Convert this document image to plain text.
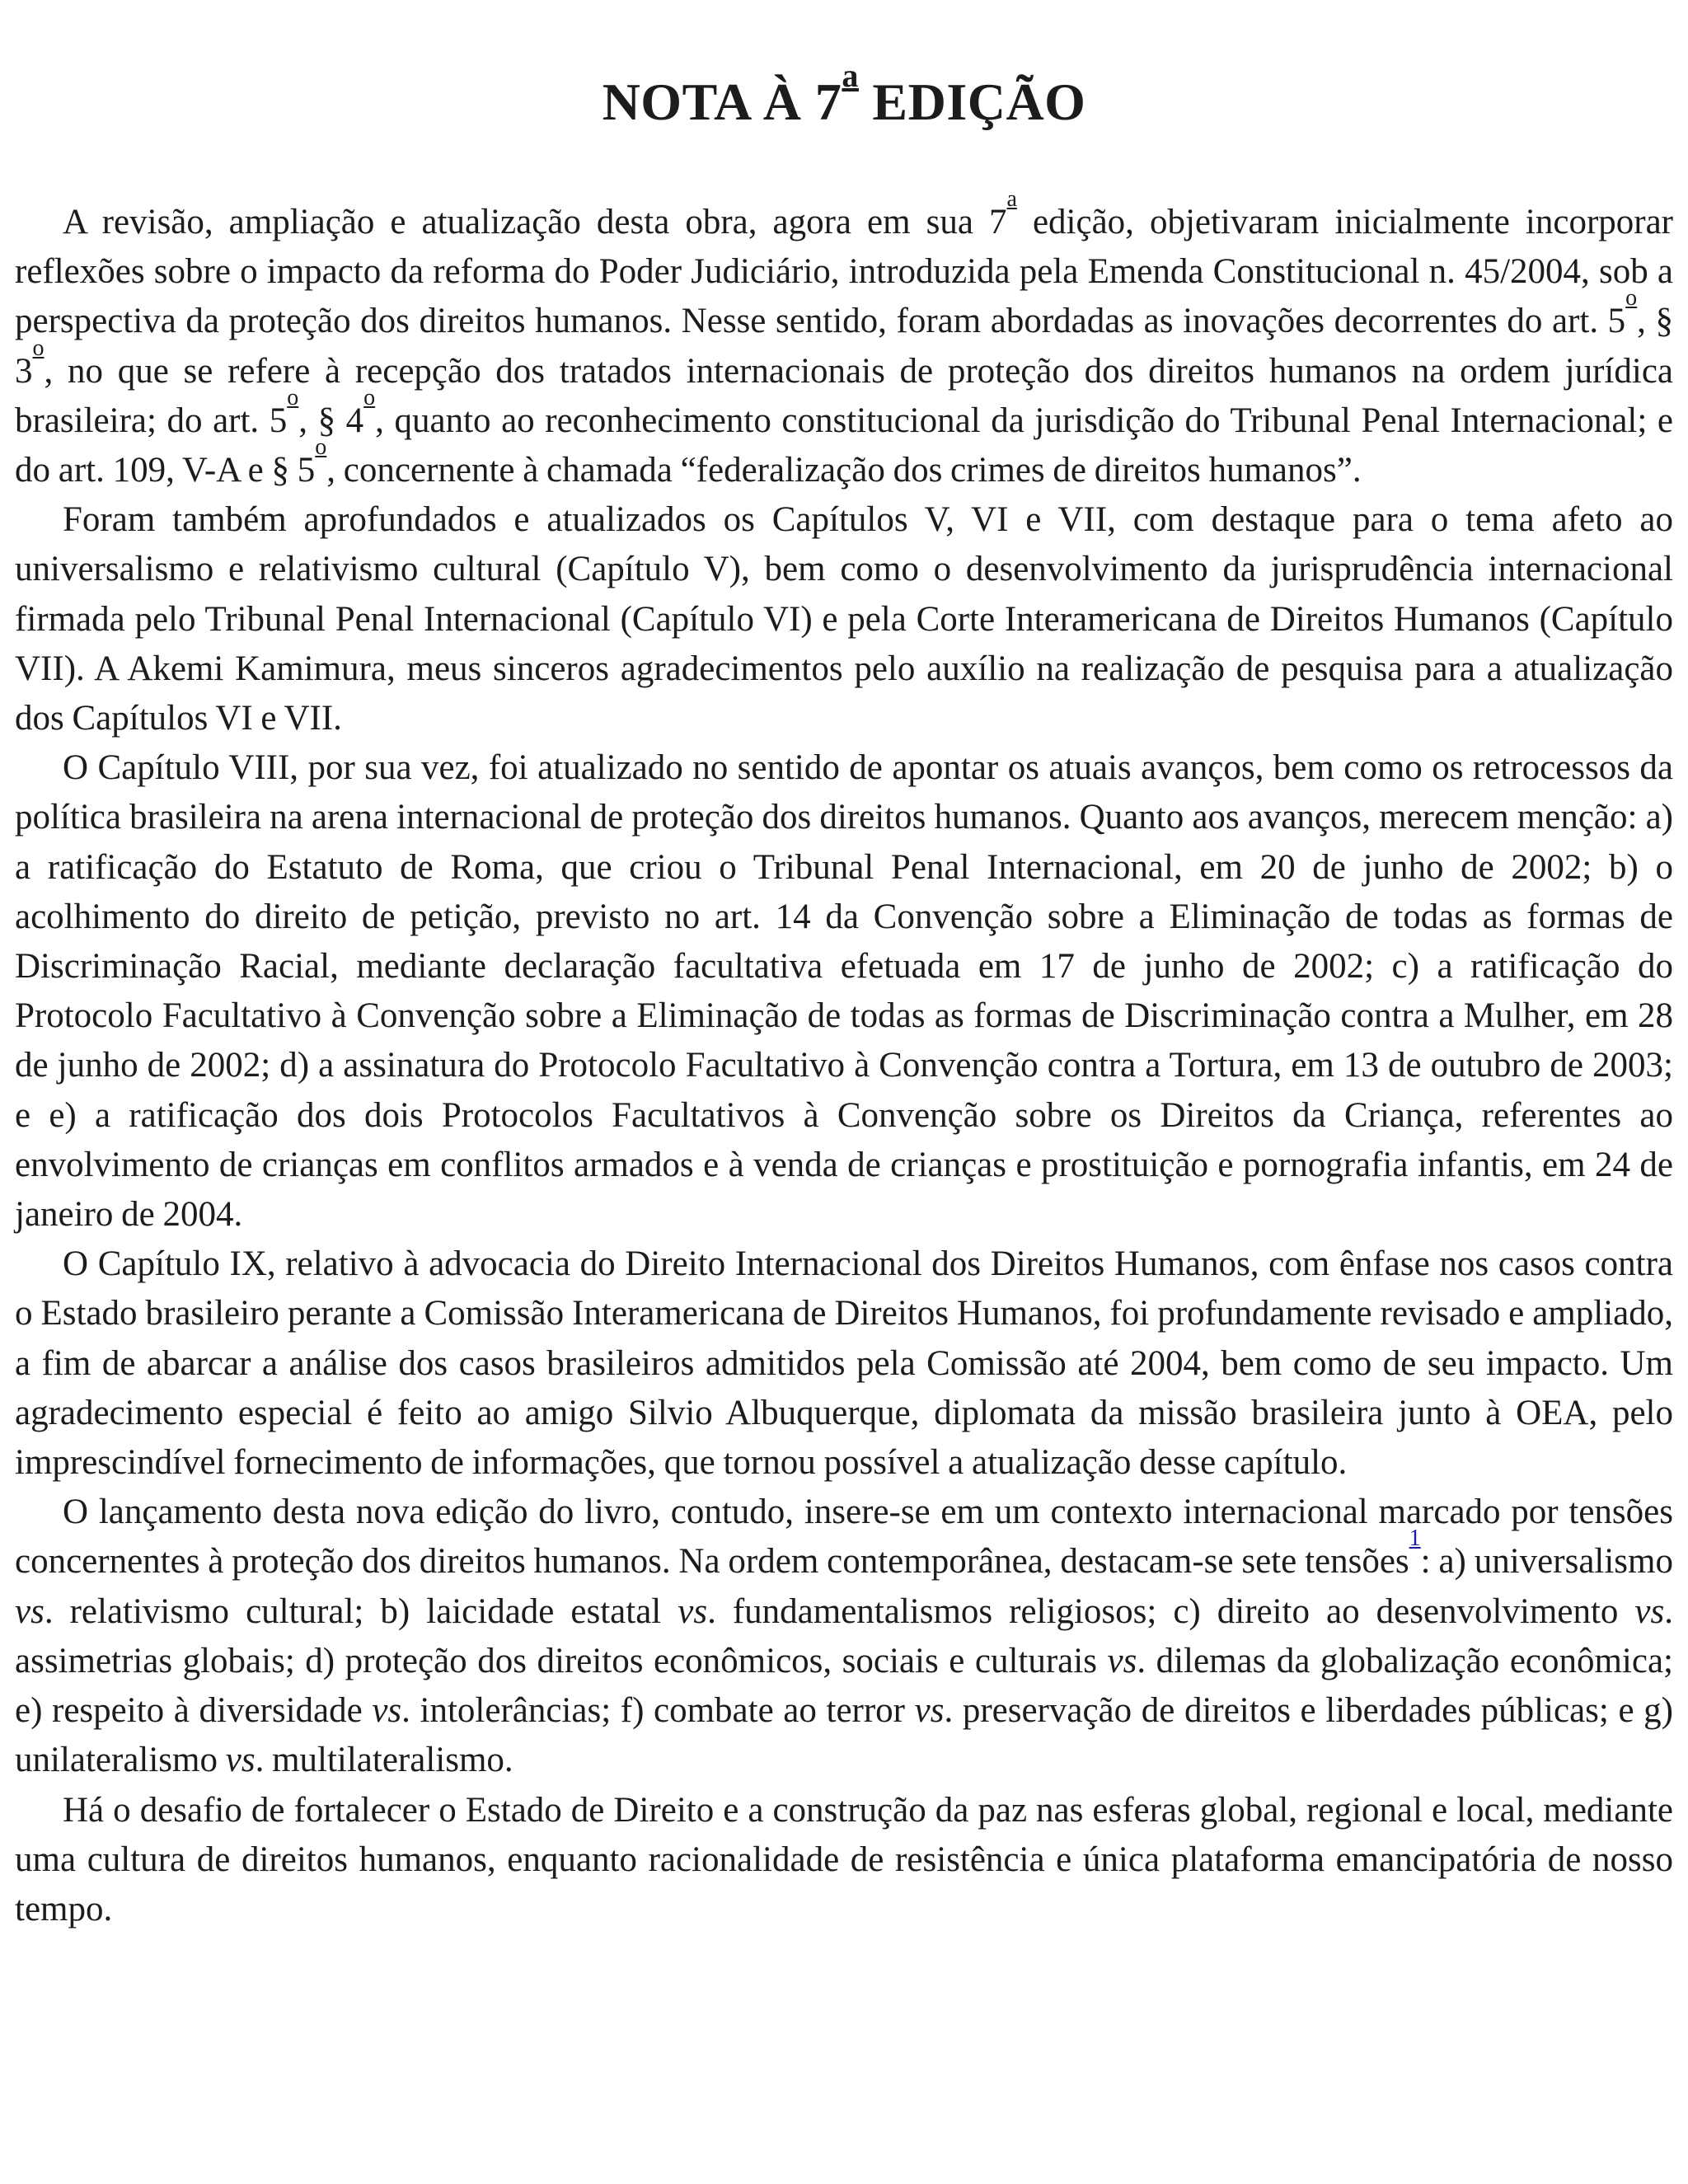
NOTA À 7$^a$ EDIÇÃO

A revisão, ampliação e atualização desta obra, agora em sua 7$^a$ edição, objetivaram inicialmente incorporar reflexões sobre o impacto da reforma do Poder Judiciário, introduzida pela Emenda Constitucional n. 45/2004, sob a perspectiva da proteção dos direitos humanos. Nesse sentido, foram abordadas as inovações decorrentes do art. 5$^o$, § 3$^o$, no que se refere à recepção dos tratados internacionais de proteção dos direitos humanos na ordem jurídica brasileira; do art. 5$^o$, § 4$^o$, quanto ao reconhecimento constitucional da jurisdição do Tribunal Penal Internacional; e do art. 109, V-A e § 5$^o$, concernente à chamada “federalização dos crimes de direitos humanos”.

Foram também aprofundados e atualizados os Capítulos V, VI e VII, com destaque para o tema afeto ao universalismo e relativismo cultural (Capítulo V), bem como o desenvolvimento da jurisprudência internacional firmada pelo Tribunal Penal Internacional (Capítulo VI) e pela Corte Interamericana de Direitos Humanos (Capítulo VII). A Akemi Kamimura, meus sinceros agradecimentos pelo auxílio na realização de pesquisa para a atualização dos Capítulos VI e VII.

O Capítulo VIII, por sua vez, foi atualizado no sentido de apontar os atuais avanços, bem como os retrocessos da política brasileira na arena internacional de proteção dos direitos humanos. Quanto aos avanços, merecem menção: a) a ratificação do Estatuto de Roma, que criou o Tribunal Penal Internacional, em 20 de junho de 2002; b) o acolhimento do direito de petição, previsto no art. 14 da Convenção sobre a Eliminação de todas as formas de Discriminação Racial, mediante declaração facultativa efetuada em 17 de junho de 2002; c) a ratificação do Protocolo Facultativo à Convenção sobre a Eliminação de todas as formas de Discriminação contra a Mulher, em 28 de junho de 2002; d) a assinatura do Protocolo Facultativo à Convenção contra a Tortura, em 13 de outubro de 2003; e e) a ratificação dos dois Protocolos Facultativos à Convenção sobre os Direitos da Criança, referentes ao envolvimento de crianças em conflitos armados e à venda de crianças e prostituição e pornografia infantis, em 24 de janeiro de 2004.

O Capítulo IX, relativo à advocacia do Direito Internacional dos Direitos Humanos, com ênfase nos casos contra o Estado brasileiro perante a Comissão Interamericana de Direitos Humanos, foi profundamente revisado e ampliado, a fim de abarcar a análise dos casos brasileiros admitidos pela Comissão até 2004, bem como de seu impacto. Um agradecimento especial é feito ao amigo Silvio Albuquerque, diplomata da missão brasileira junto à OEA, pelo imprescindível fornecimento de informações, que tornou possível a atualização desse capítulo.

O lançamento desta nova edição do livro, contudo, insere-se em um contexto internacional marcado por tensões concernentes à proteção dos direitos humanos. Na ordem contemporânea, destacam-se sete tensões$^1$: a) universalismo vs. relativismo cultural; b) laicidade estatal vs. fundamentalismos religiosos; c) direito ao desenvolvimento vs. assimetrias globais; d) proteção dos direitos econômicos, sociais e culturais vs. dilemas da globalização econômica; e) respeito à diversidade vs. intolerâncias; f) combate ao terror vs. preservação de direitos e liberdades públicas; e g) unilateralismo vs. multilateralismo.

Há o desafio de fortalecer o Estado de Direito e a construção da paz nas esferas global, regional e local, mediante uma cultura de direitos humanos, enquanto racionalidade de resistência e única plataforma emancipatória de nosso tempo.
